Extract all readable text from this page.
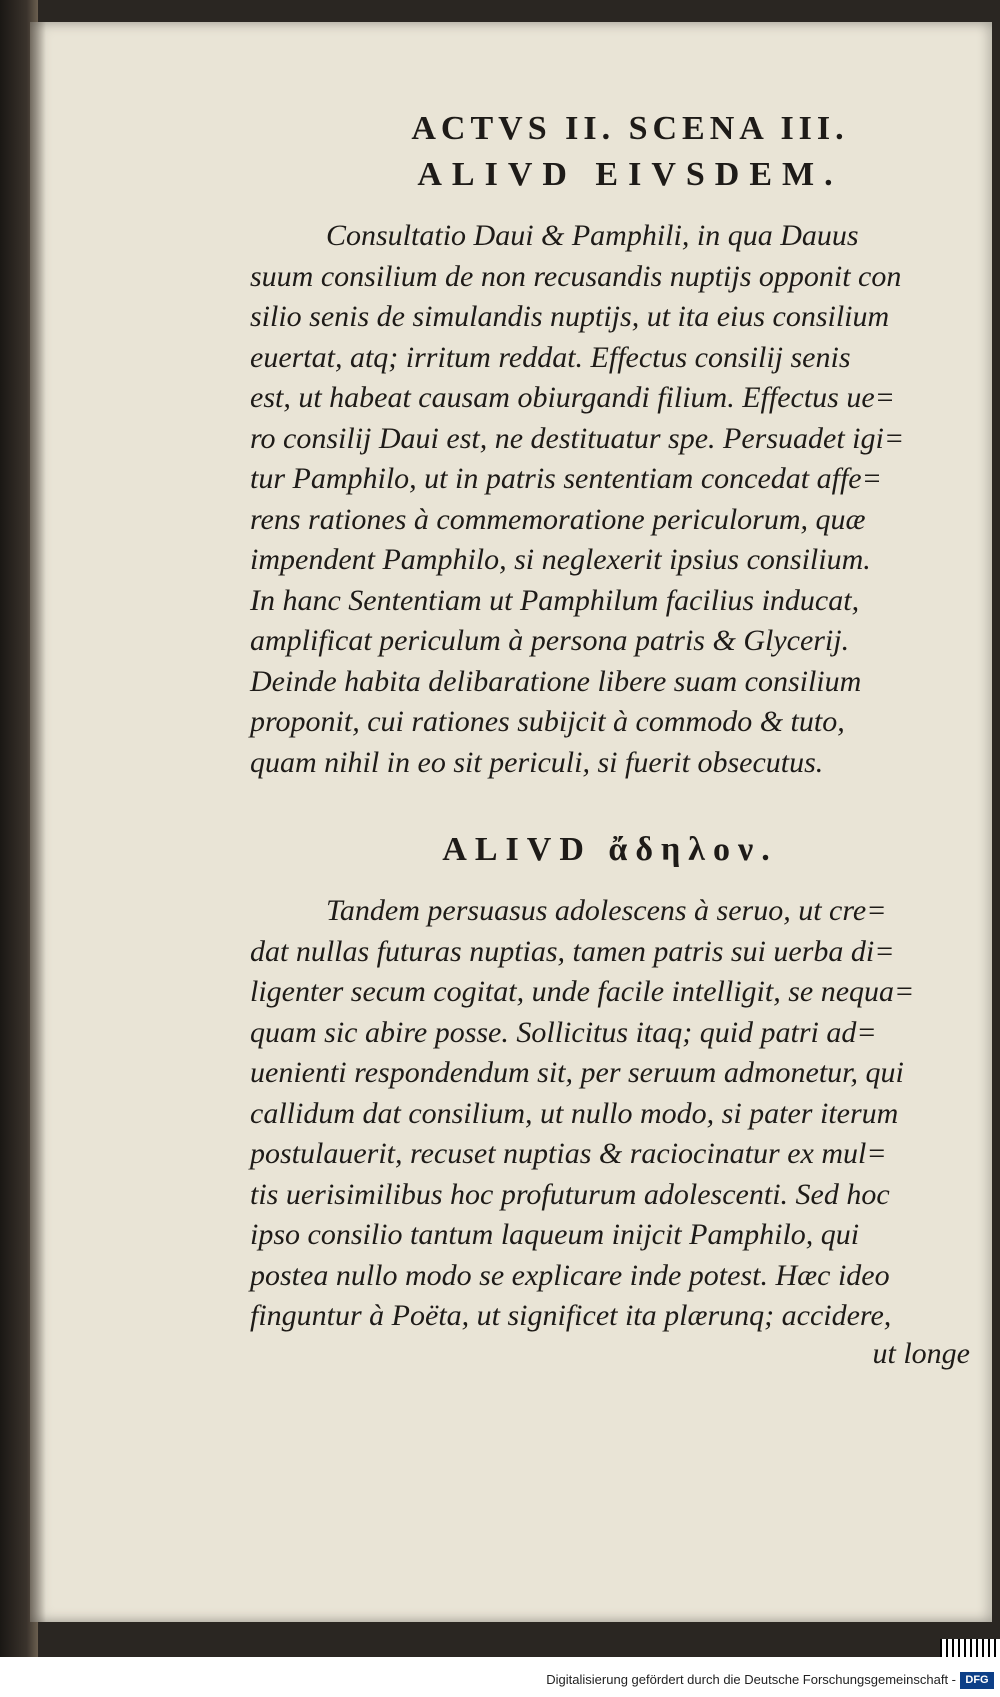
ACTVS II. SCENA III.
ALIVD EIVSDEM.
Consultatio Daui & Pamphili, in qua Dauus
suum consilium de non recusandis nuptijs opponit con
silio senis de simulandis nuptijs, ut ita eius consilium
euertat, atq; irritum reddat. Effectus consilij senis
est, ut habeat causam obiurgandi filium. Effectus ue=
ro consilij Daui est, ne destituatur spe. Persuadet igi=
tur Pamphilo, ut in patris sententiam concedat affe=
rens rationes à commemoratione periculorum, quæ
impendent Pamphilo, si neglexerit ipsius consilium.
In hanc Sententiam ut Pamphilum facilius inducat,
amplificat periculum à persona patris & Glycerij.
Deinde habita delibaratione libere suam consilium
proponit, cui rationes subijcit à commodo & tuto,
quam nihil in eo sit periculi, si fuerit obsecutus.
ALIVD ἄδηλον.
Tandem persuasus adolescens à seruo, ut cre=
dat nullas futuras nuptias, tamen patris sui uerba di=
ligenter secum cogitat, unde facile intelligit, se nequa=
quam sic abire posse. Sollicitus itaq; quid patri ad=
uenienti respondendum sit, per seruum admonetur, qui
callidum dat consilium, ut nullo modo, si pater iterum
postulauerit, recuset nuptias & raciocinatur ex mul=
tis uerisimilibus hoc profuturum adolescenti. Sed hoc
ipso consilio tantum laqueum inijcit Pamphilo, qui
postea nullo modo se explicare inde potest. Hæc ideo
finguntur à Poëta, ut significet ita plærunq; accidere,
ut longe
Digitalisierung gefördert durch die Deutsche Forschungsgemeinschaft - DFG
